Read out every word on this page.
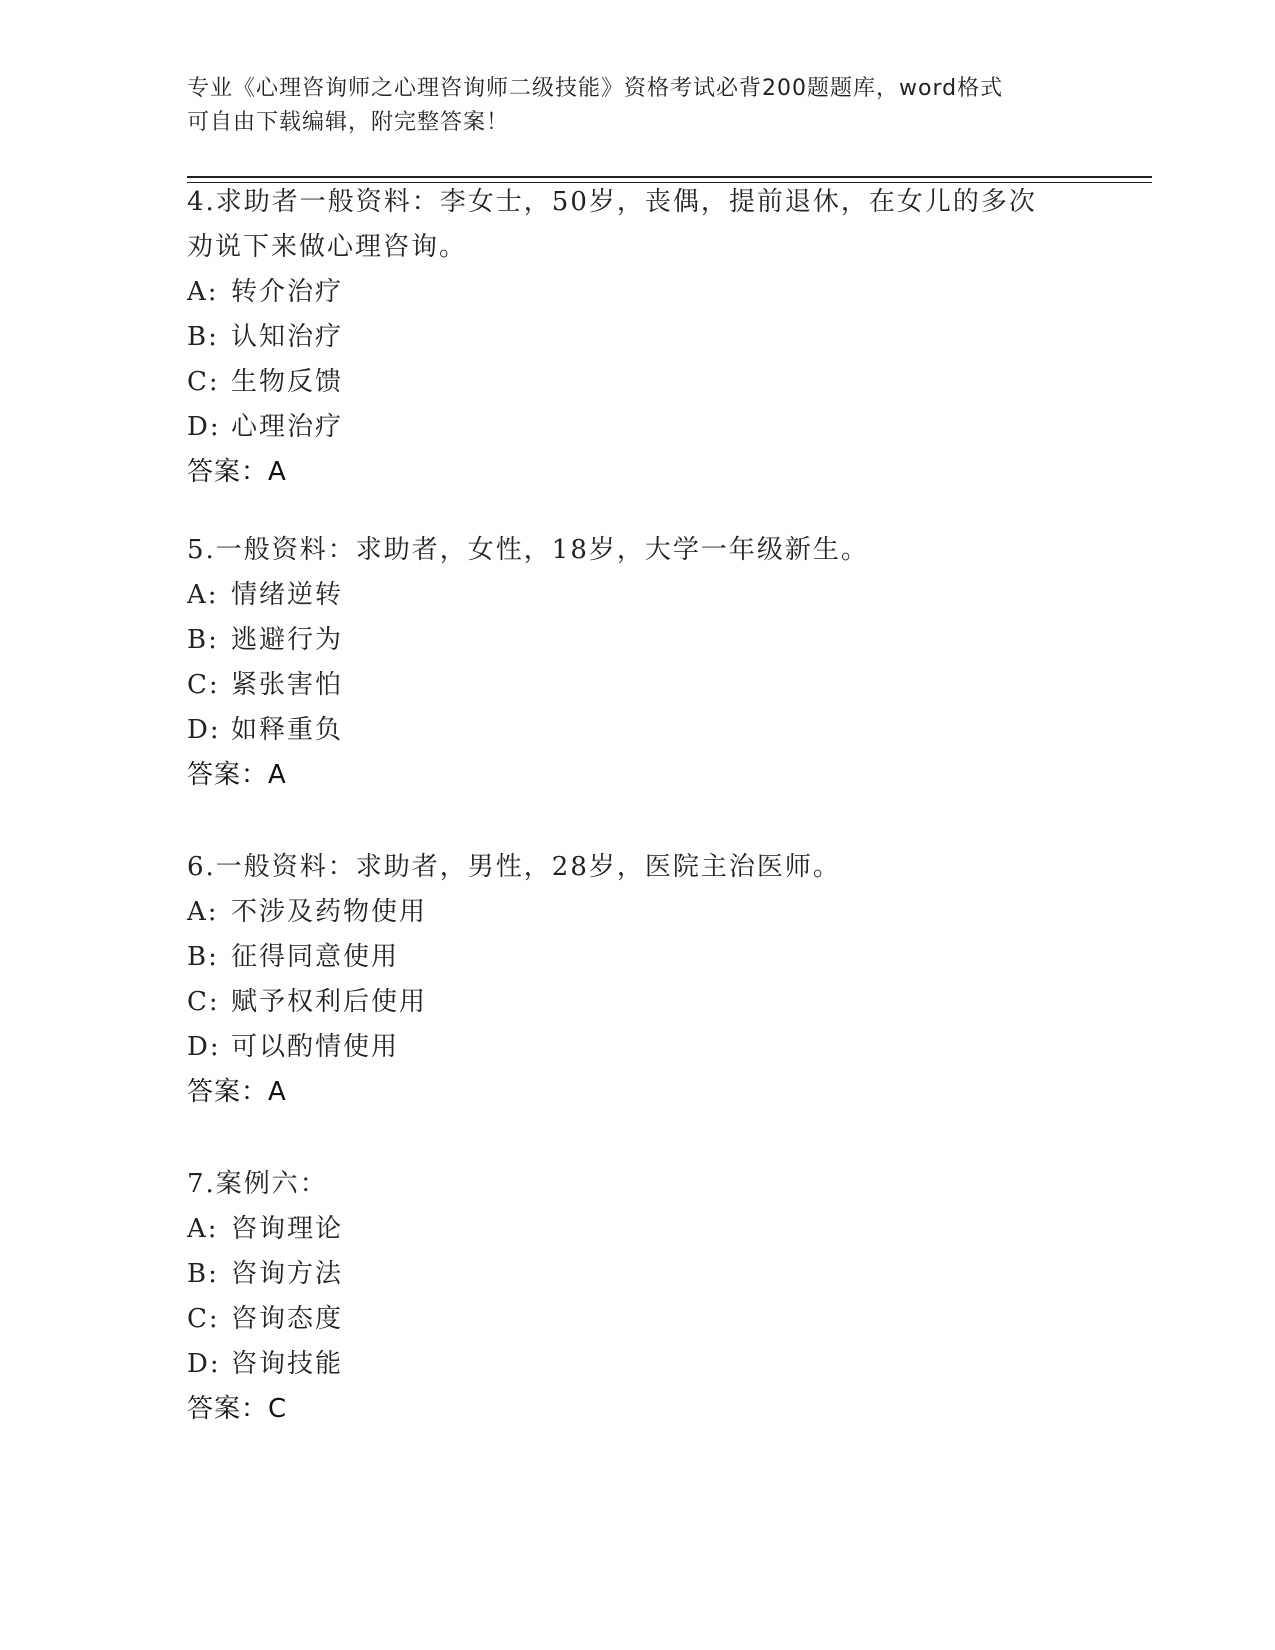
专业《心理咨询师之心理咨询师二级技能》资格考试必背200题题库，word格式
可自由下载编辑，附完整答案！
4.求助者一般资料：李女士，50岁，丧偶，提前退休，在女儿的多次
劝说下来做心理咨询。
A: 转介治疗
B: 认知治疗
C: 生物反馈
D: 心理治疗
答案：A
5.一般资料：求助者，女性，18岁，大学一年级新生。
A: 情绪逆转
B: 逃避行为
C: 紧张害怕
D: 如释重负
答案：A
6.一般资料：求助者，男性，28岁，医院主治医师。
A: 不涉及药物使用
B: 征得同意使用
C: 赋予权利后使用
D: 可以酌情使用
答案：A
7.案例六：
A: 咨询理论
B: 咨询方法
C: 咨询态度
D: 咨询技能
答案：C
